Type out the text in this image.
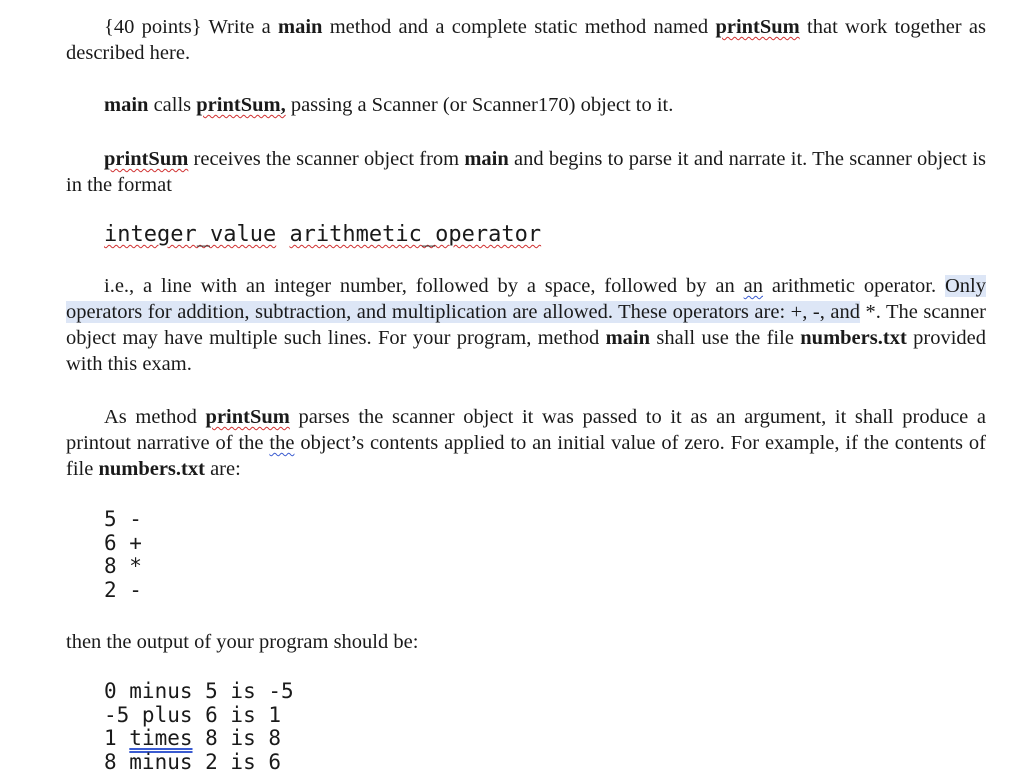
{40 points} Write a main method and a complete static method named printSum that work together as described here.
main calls printSum, passing a Scanner (or Scanner170) object to it.
printSum receives the scanner object from main and begins to parse it and narrate it. The scanner object is in the format
integer_value arithmetic_operator
i.e., a line with an integer number, followed by a space, followed by an an arithmetic operator. Only operators for addition, subtraction, and multiplication are allowed. These operators are: +, -, and *. The scanner object may have multiple such lines. For your program, method main shall use the file numbers.txt provided with this exam.
As method printSum parses the scanner object it was passed to it as an argument, it shall produce a printout narrative of the the object’s contents applied to an initial value of zero. For example, if the contents of file numbers.txt are:
5 -
6 +
8 *
2 -
then the output of your program should be:
0 minus 5 is -5
-5 plus 6 is 1
1 times 8 is 8
8 minus 2 is 6
